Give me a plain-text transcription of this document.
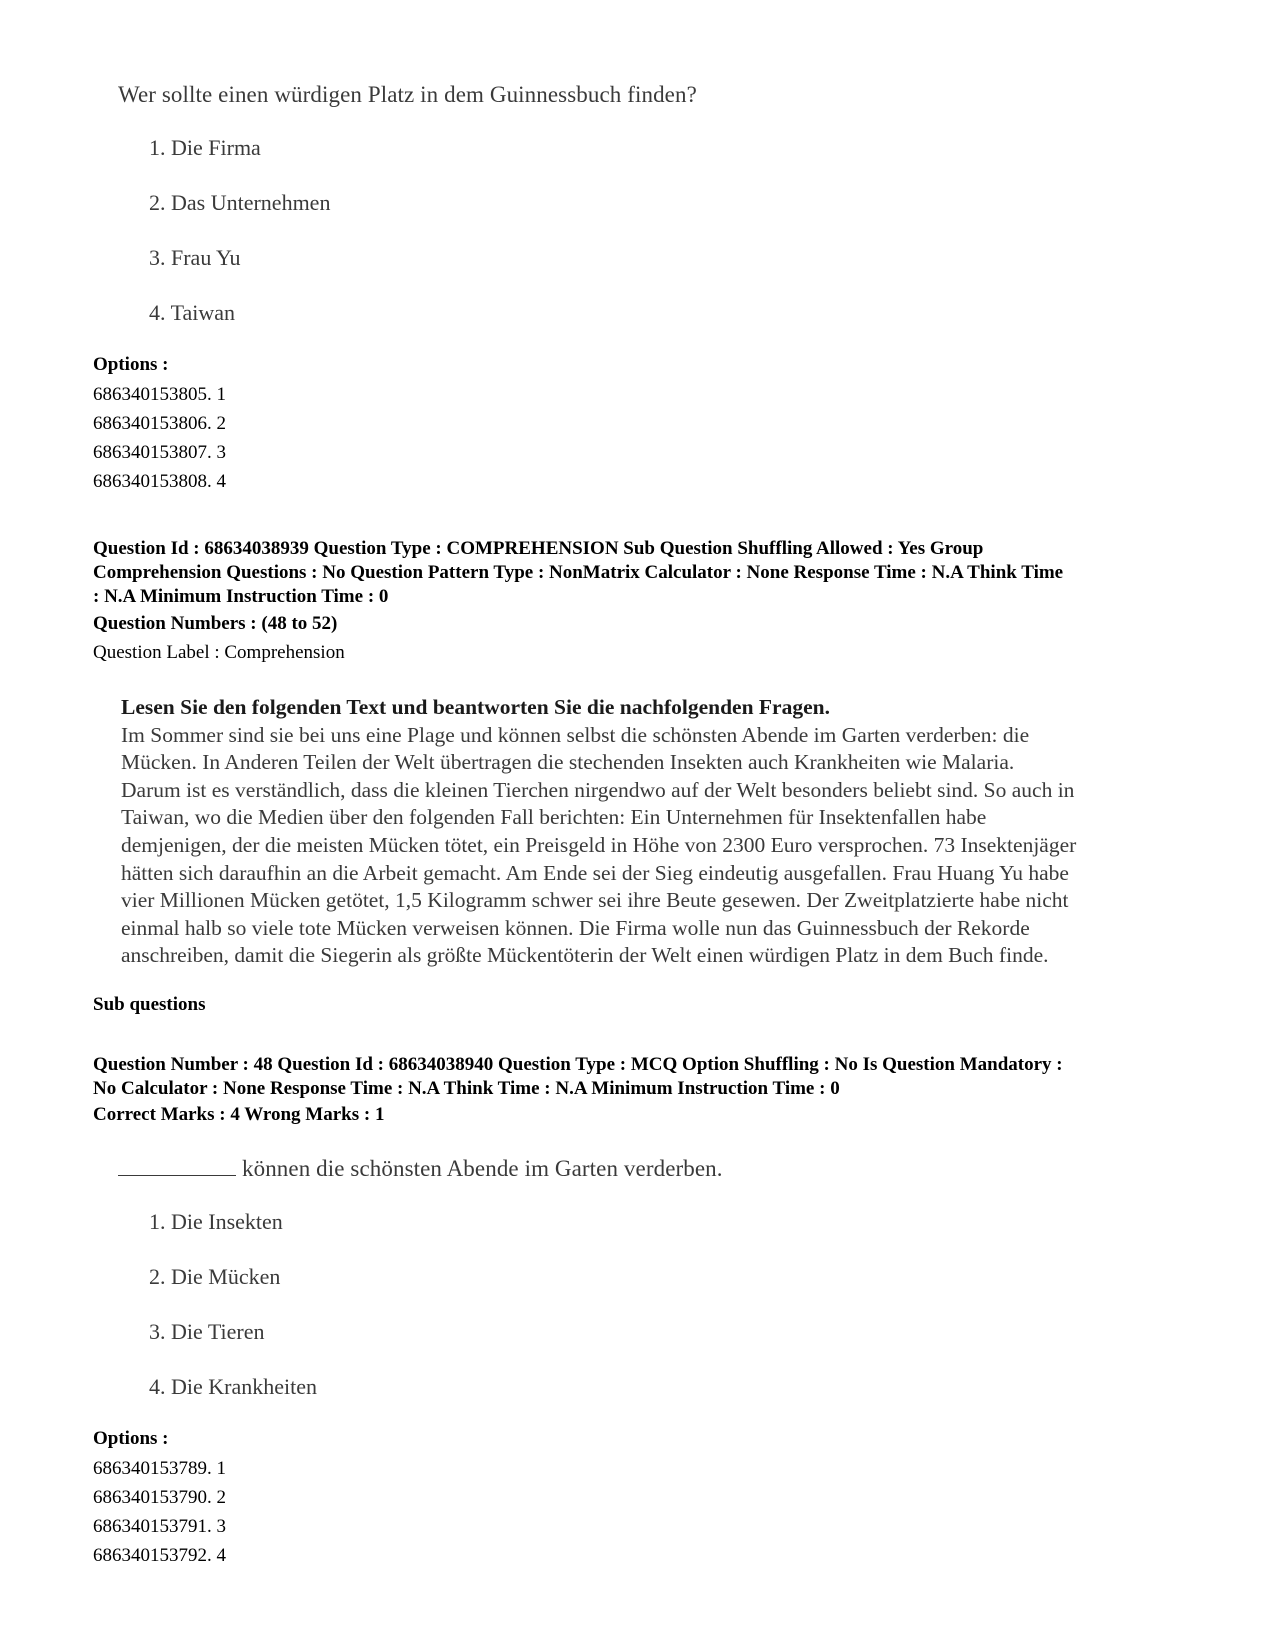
Wer sollte einen würdigen Platz in dem Guinnessbuch finden?

1. Die Firma
2. Das Unternehmen
3. Frau Yu
4. Taiwan

Options :

686340153805. 1
686340153806. 2
686340153807. 3
686340153808. 4
Question Id : 68634038939 Question Type : COMPREHENSION Sub Question Shuffling Allowed : Yes Group
Comprehension Questions : No Question Pattern Type : NonMatrix Calculator : None Response Time : N.A Think Time
: N.A Minimum Instruction Time : 0

Question Numbers : (48 to 52)

Question Label : Comprehension

Lesen Sie den folgenden Text und beantworten Sie die nachfolgenden Fragen.
Im Sommer sind sie bei uns eine Plage und können selbst die schönsten Abende im Garten verderben: die
Mücken. In Anderen Teilen der Welt übertragen die stechenden Insekten auch Krankheiten wie Malaria.
Darum ist es verständlich, dass die kleinen Tierchen nirgendwo auf der Welt besonders beliebt sind. So auch in
Taiwan, wo die Medien über den folgenden Fall berichten: Ein Unternehmen für Insektenfallen habe
demjenigen, der die meisten Mücken tötet, ein Preisgeld in Höhe von 2300 Euro versprochen. 73 Insektenjäger
hätten sich daraufhin an die Arbeit gemacht. Am Ende sei der Sieg eindeutig ausgefallen. Frau Huang Yu habe
vier Millionen Mücken getötet, 1,5 Kilogramm schwer sei ihre Beute gesewen. Der Zweitplatzierte habe nicht
einmal halb so viele tote Mücken verweisen können. Die Firma wolle nun das Guinnessbuch der Rekorde
anschreiben, damit die Siegerin als größte Mückentöterin der Welt einen würdigen Platz in dem Buch finde.

Sub questions

Question Number : 48 Question Id : 68634038940 Question Type : MCQ Option Shuffling : No Is Question Mandatory :
No Calculator : None Response Time : N.A Think Time : N.A Minimum Instruction Time : 0

Correct Marks : 4 Wrong Marks : 1

können die schönsten Abende im Garten verderben.

1. Die Insekten
2. Die Mücken
3. Die Tieren
4. Die Krankheiten

Options :

686340153789. 1
686340153790. 2
686340153791. 3
686340153792. 4
